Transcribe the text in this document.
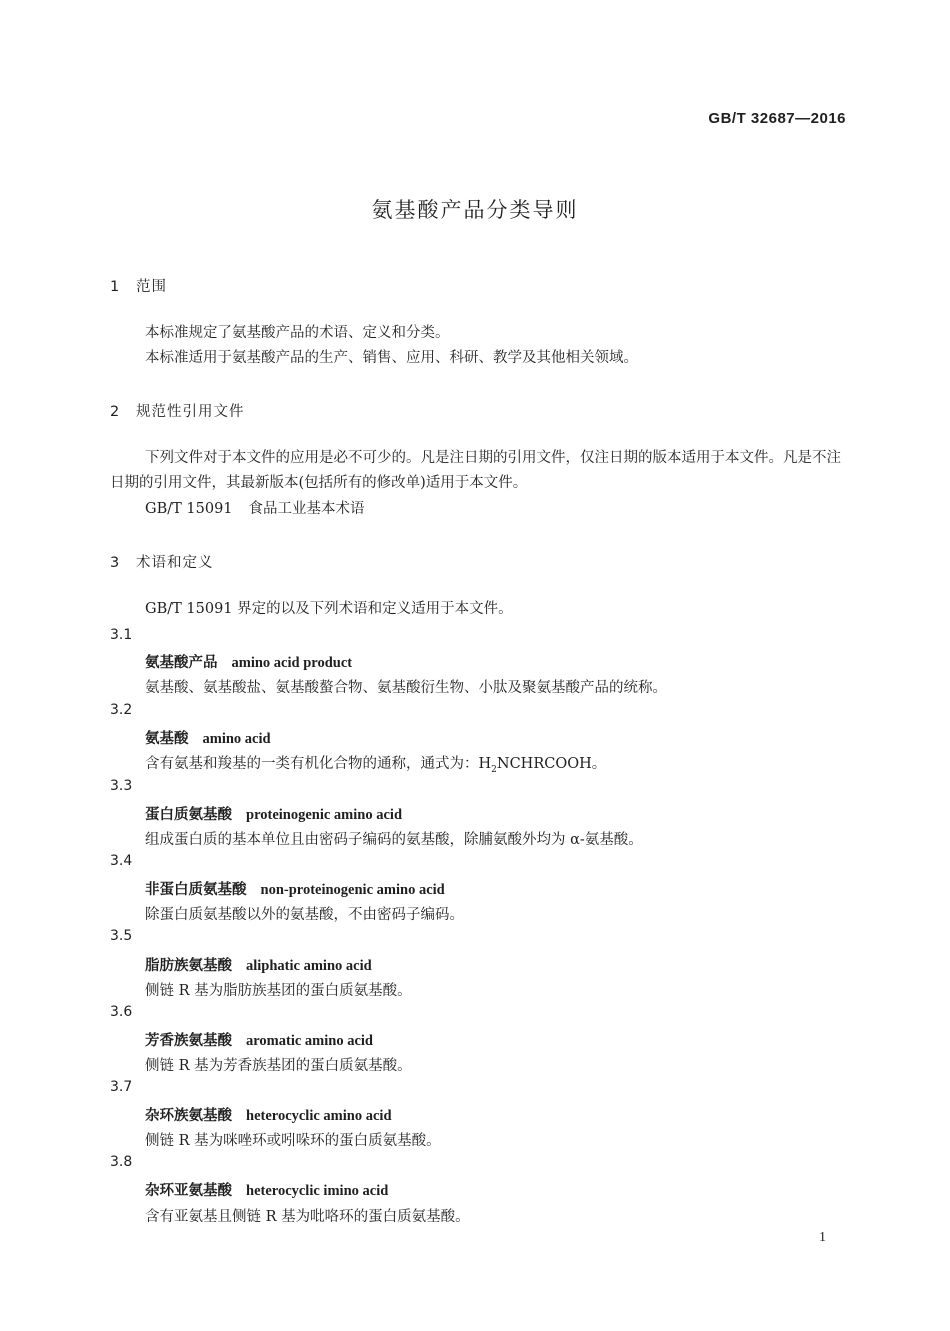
GB/T 32687—2016
氨基酸产品分类导则
1 范围
本标准规定了氨基酸产品的术语、定义和分类。
本标准适用于氨基酸产品的生产、销售、应用、科研、教学及其他相关领域。
2 规范性引用文件
下列文件对于本文件的应用是必不可少的。凡是注日期的引用文件，仅注日期的版本适用于本文件。凡是不注日期的引用文件，其最新版本(包括所有的修改单)适用于本文件。
GB/T 15091 食品工业基本术语
3 术语和定义
GB/T 15091 界定的以及下列术语和定义适用于本文件。
3.1
氨基酸产品 amino acid product
氨基酸、氨基酸盐、氨基酸螯合物、氨基酸衍生物、小肽及聚氨基酸产品的统称。
3.2
氨基酸 amino acid
含有氨基和羧基的一类有机化合物的通称，通式为：$H_2NCHRCOOH$。
3.3
蛋白质氨基酸 proteinogenic amino acid
组成蛋白质的基本单位且由密码子编码的氨基酸，除脯氨酸外均为 α-氨基酸。
3.4
非蛋白质氨基酸 non-proteinogenic amino acid
除蛋白质氨基酸以外的氨基酸，不由密码子编码。
3.5
脂肪族氨基酸 aliphatic amino acid
侧链 R 基为脂肪族基团的蛋白质氨基酸。
3.6
芳香族氨基酸 aromatic amino acid
侧链 R 基为芳香族基团的蛋白质氨基酸。
3.7
杂环族氨基酸 heterocyclic amino acid
侧链 R 基为咪唑环或吲哚环的蛋白质氨基酸。
3.8
杂环亚氨基酸 heterocyclic imino acid
含有亚氨基且侧链 R 基为吡咯环的蛋白质氨基酸。
1
